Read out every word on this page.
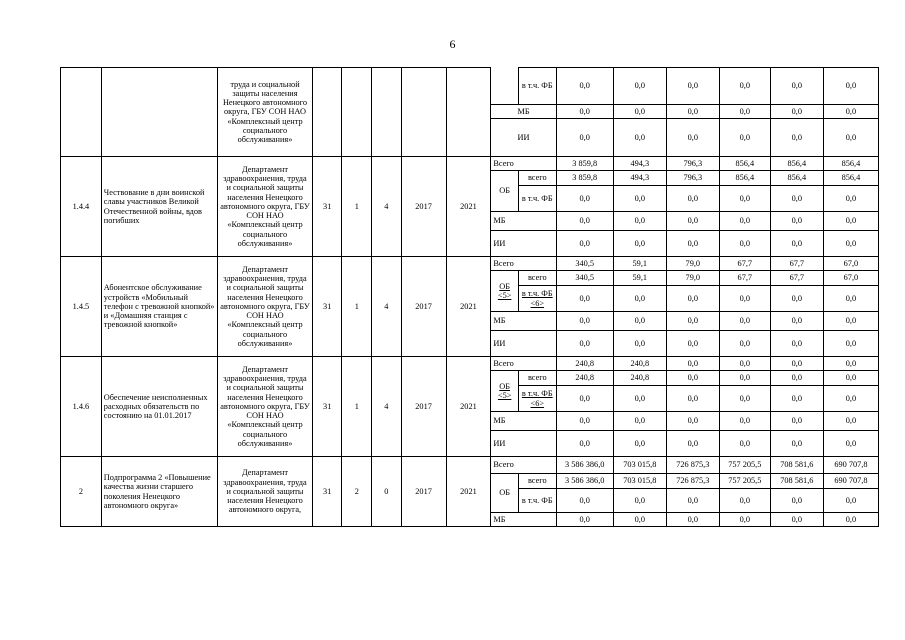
6
		труда и социальной защиты населения Ненецкого автономного округа, ГБУ СОН НАО «Комплексный центр социального обслуживания»							в т.ч. ФБ	0,0	0,0	0,0	0,0	0,0	0,0
								МБ		0,0	0,0	0,0	0,0	0,0	0,0
								ИИ		0,0	0,0	0,0	0,0	0,0	0,0
1.4.4	Чествование в дни воинской славы участников Великой Отечественной войны, вдов погибших	Департамент здравоохранения, труда и социальной защиты населения Ненецкого автономного округа, ГБУ СОН НАО «Комплексный центр социального обслуживания»	31	1	4	2017	2021	Всего		3 859,8	494,3	796,3	856,4	856,4	856,4
								ОБ	всего	3 859,8	494,3	796,3	856,4	856,4	856,4
									в т.ч. ФБ	0,0	0,0	0,0	0,0	0,0	0,0
								МБ		0,0	0,0	0,0	0,0	0,0	0,0
								ИИ		0,0	0,0	0,0	0,0	0,0	0,0
1.4.5	Абонентское обслуживание устройств «Мобильный телефон с тревожной кнопкой» и «Домашняя станция с тревожной кнопкой»	Департамент здравоохранения, труда и социальной защиты населения Ненецкого автономного округа, ГБУ СОН НАО «Комплексный центр социального обслуживания»	31	1	4	2017	2021	Всего		340,5	59,1	79,0	67,7	67,7	67,0
								ОБ <5>	всего	340,5	59,1	79,0	67,7	67,7	67,0
									в т.ч. ФБ <6>	0,0	0,0	0,0	0,0	0,0	0,0
								МБ		0,0	0,0	0,0	0,0	0,0	0,0
								ИИ		0,0	0,0	0,0	0,0	0,0	0,0
1.4.6	Обеспечение неисполненных расходных обязательств по состоянию на 01.01.2017	Департамент здравоохранения, труда и социальной защиты населения Ненецкого автономного округа, ГБУ СОН НАО «Комплексный центр социального обслуживания»	31	1	4	2017	2021	Всего		240,8	240,8	0,0	0,0	0,0	0,0
								ОБ <5>	всего	240,8	240,8	0,0	0,0	0,0	0,0
									в т.ч. ФБ <6>	0,0	0,0	0,0	0,0	0,0	0,0
								МБ		0,0	0,0	0,0	0,0	0,0	0,0
								ИИ		0,0	0,0	0,0	0,0	0,0	0,0
2	Подпрограмма 2 «Повышение качества жизни старшего поколения Ненецкого автономного округа»	Департамент здравоохранения, труда и социальной защиты населения Ненецкого автономного округа,	31	2	0	2017	2021	Всего		3 586 386,0	703 015,8	726 875,3	757 205,5	708 581,6	690 707,8
								ОБ	всего	3 586 386,0	703 015,8	726 875,3	757 205,5	708 581,6	690 707,8
									в т.ч. ФБ	0,0	0,0	0,0	0,0	0,0	0,0
								МБ		0,0	0,0	0,0	0,0	0,0	0,0
